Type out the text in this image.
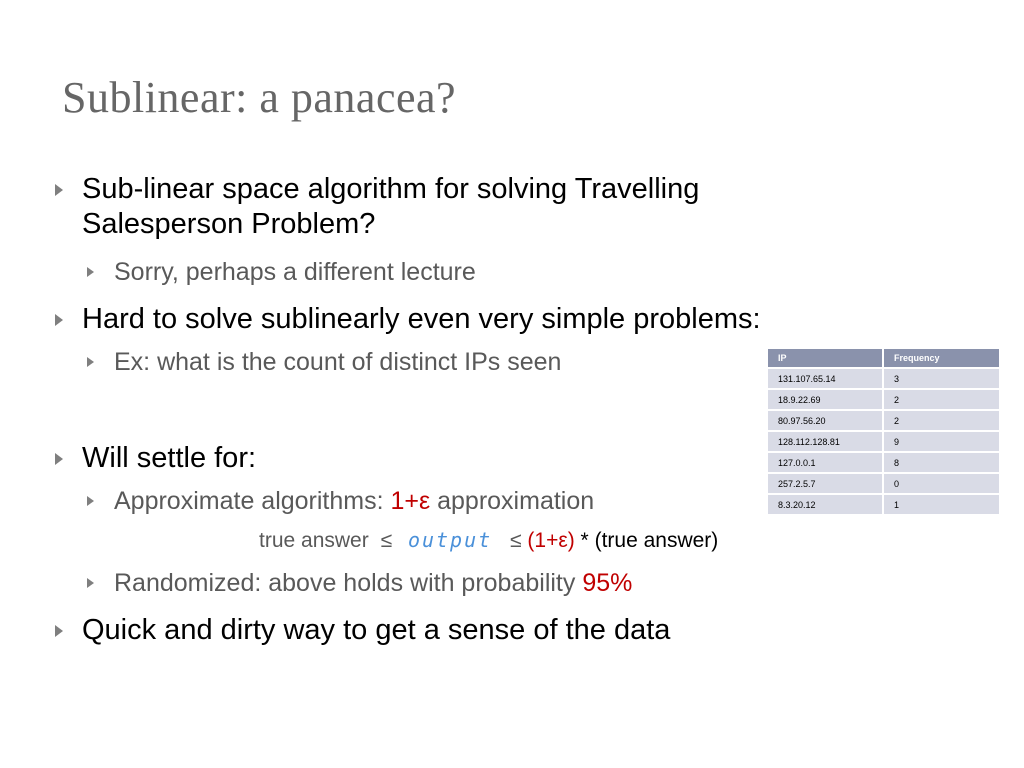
Sublinear: a panacea?
Sub-linear space algorithm for solving Travelling
Salesperson Problem?
Sorry, perhaps a different lecture
Hard to solve sublinearly even very simple problems:
Ex: what is the count of distinct IPs seen
Will settle for:
Approximate algorithms: 1+ε approximation
true answer ≤ output ≤ (1+ε) * (true answer)
Randomized: above holds with probability 95%
Quick and dirty way to get a sense of the data
IP	Frequency
131.107.65.14	3
18.9.22.69	2
80.97.56.20	2
128.112.128.81	9
127.0.0.1	8
257.2.5.7	0
8.3.20.12	1
